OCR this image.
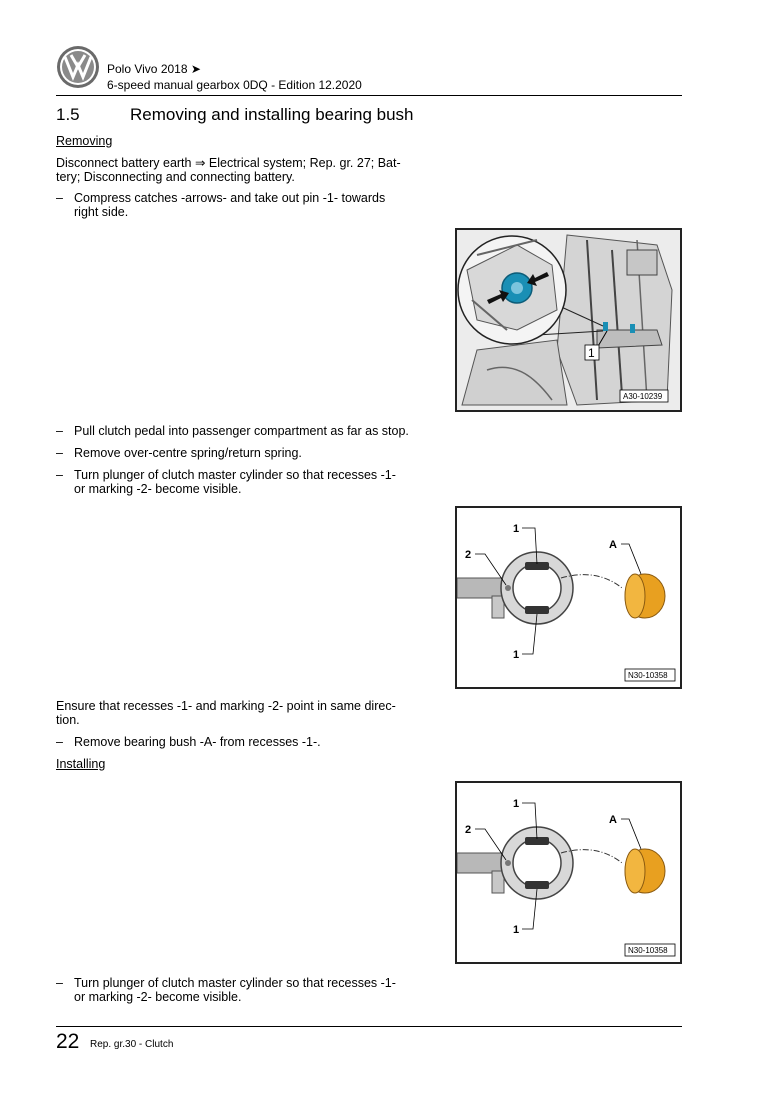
Polo Vivo 2018 ➤
6-speed manual gearbox 0DQ - Edition 12.2020
1.5	Removing and installing bearing bush
Removing
Disconnect battery earth ⇒ Electrical system; Rep. gr. 27; Bat-
tery; Disconnecting and connecting battery.
– Compress catches -arrows- and take out pin -1- towards
right side.
1
A30-10239
– Pull clutch pedal into passenger compartment as far as stop.
– Remove over-centre spring/return spring.
– Turn plunger of clutch master cylinder so that recesses -1-
or marking -2- become visible.
1
2
A
1
N30-10358
Ensure that recesses -1- and marking -2- point in same direc-
tion.
– Remove bearing bush -A- from recesses -1-.
Installing
1
2
A
1
N30-10358
– Turn plunger of clutch master cylinder so that recesses -1-
or marking -2- become visible.
22 Rep. gr.30 - Clutch
